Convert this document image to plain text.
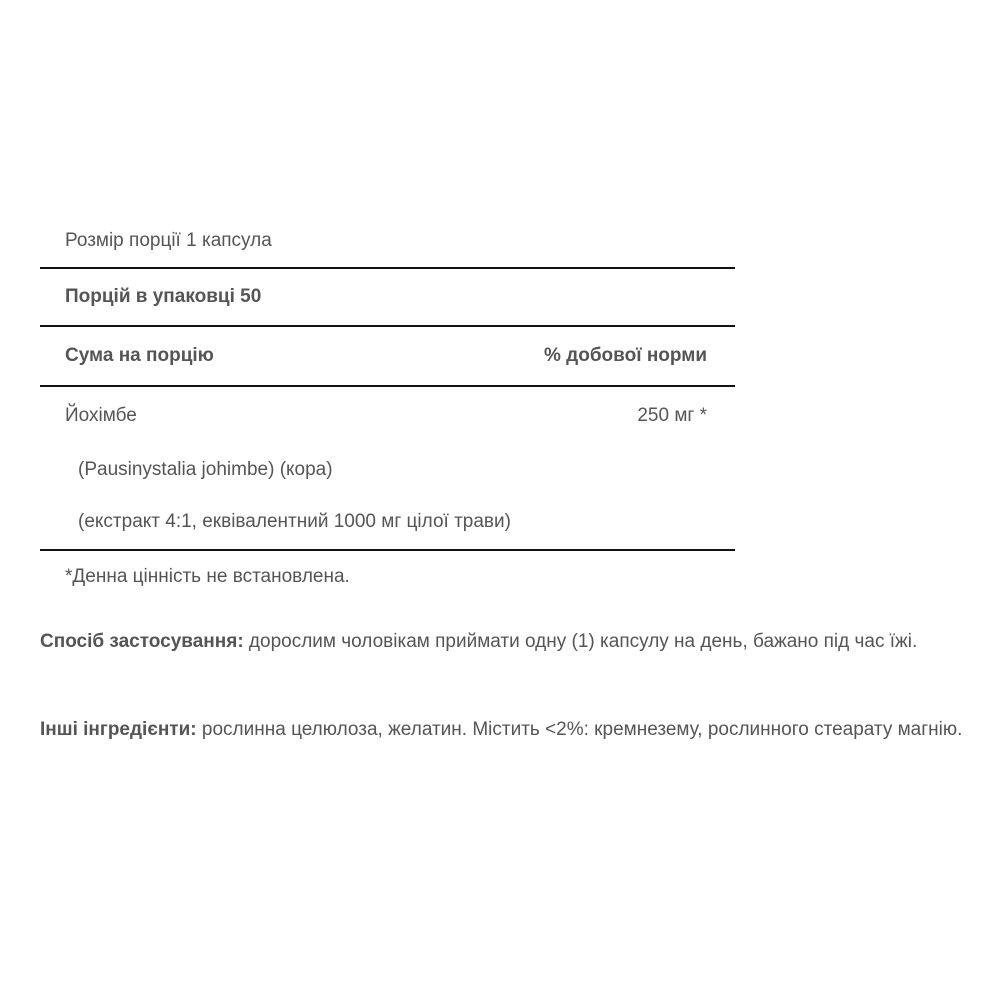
Розмір порції 1 капсула
Порцій в упаковці 50
Сума на порцію	% добової норми
Йохімбе	250 мг *
(Pausinystalia johimbe) (кора)
(екстракт 4:1, еквівалентний 1000 мг цілої трави)
*Денна цінність не встановлена.
Спосіб застосування: дорослим чоловікам приймати одну (1) капсулу на день, бажано під час їжі.
Інші інгредієнти: рослинна целюлоза, желатин. Містить <2%: кремнезему, рослинного стеарату магнію.
